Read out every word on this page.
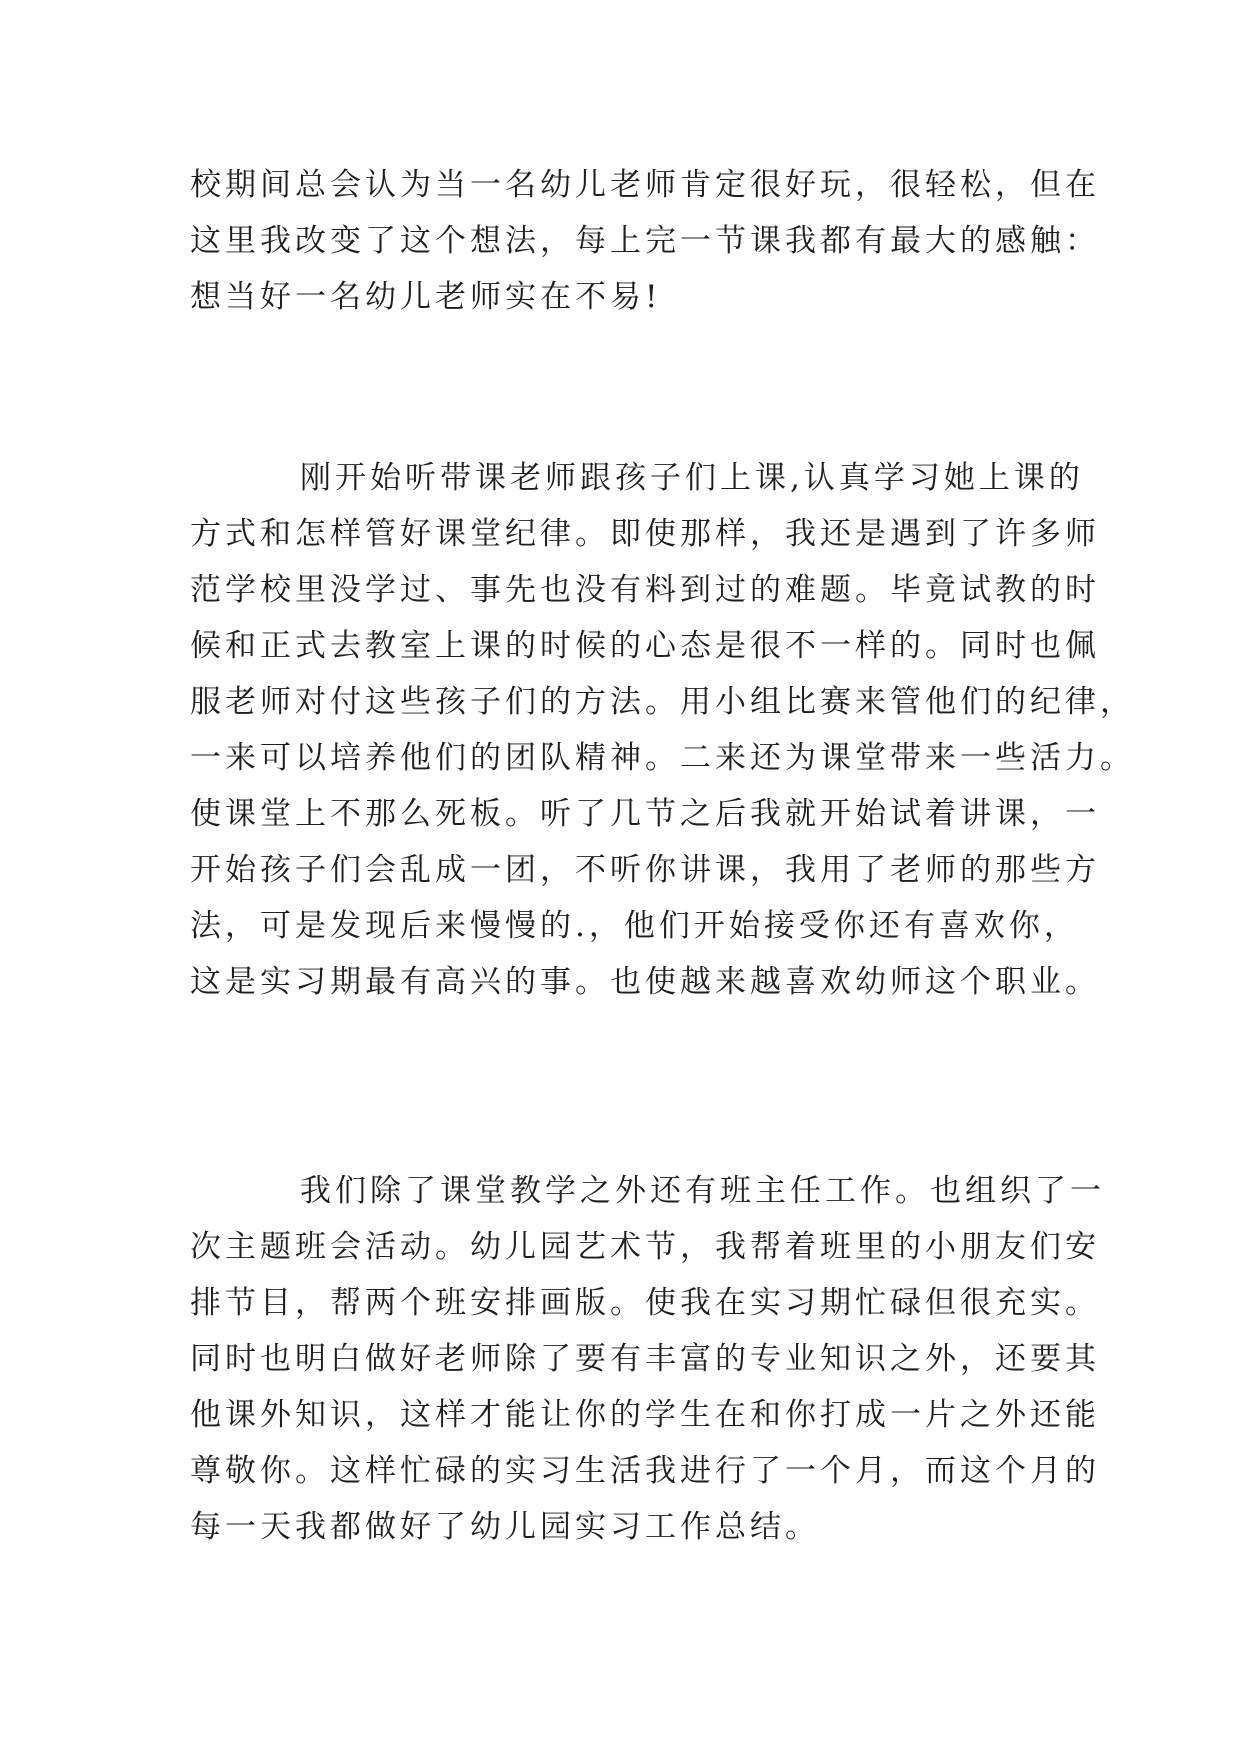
校期间总会认为当一名幼儿老师肯定很好玩，很轻松，但在
这里我改变了这个想法，每上完一节课我都有最大的感触：
想当好一名幼儿老师实在不易!
刚开始听带课老师跟孩子们上课,认真学习她上课的
方式和怎样管好课堂纪律。即使那样，我还是遇到了许多师
范学校里没学过、事先也没有料到过的难题。毕竟试教的时
候和正式去教室上课的时候的心态是很不一样的。同时也佩
服老师对付这些孩子们的方法。用小组比赛来管他们的纪律，
一来可以培养他们的团队精神。二来还为课堂带来一些活力。
使课堂上不那么死板。听了几节之后我就开始试着讲课，一
开始孩子们会乱成一团，不听你讲课，我用了老师的那些方
法，可是发现后来慢慢的.，他们开始接受你还有喜欢你，
这是实习期最有高兴的事。也使越来越喜欢幼师这个职业。
我们除了课堂教学之外还有班主任工作。也组织了一
次主题班会活动。幼儿园艺术节，我帮着班里的小朋友们安
排节目，帮两个班安排画版。使我在实习期忙碌但很充实。
同时也明白做好老师除了要有丰富的专业知识之外，还要其
他课外知识，这样才能让你的学生在和你打成一片之外还能
尊敬你。这样忙碌的实习生活我进行了一个月，而这个月的
每一天我都做好了幼儿园实习工作总结。
